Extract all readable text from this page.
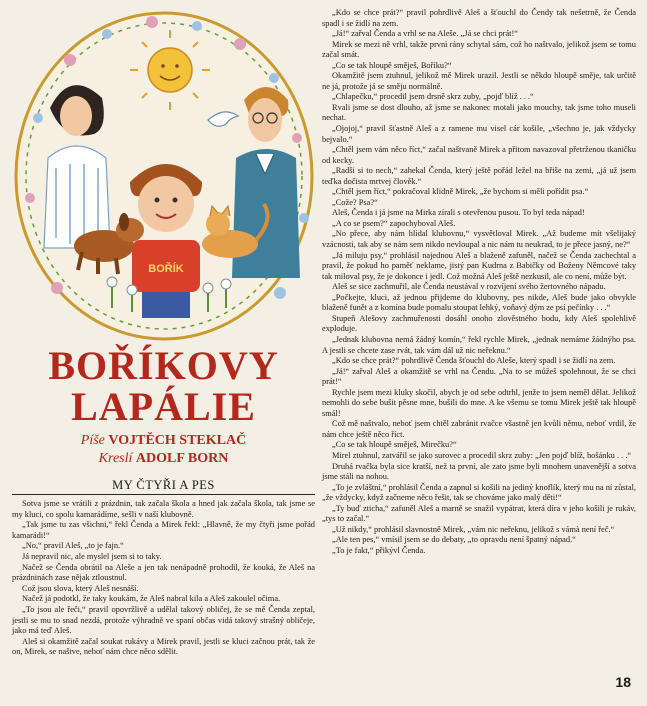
BOŘÍK
BOŘÍKOVY
LAPÁLIE
Píše VOJTĚCH STEKLAČ
Kreslí ADOLF BORN
MY ČTYŘI A PES

Sotva jsme se vrátili z prázdnin, tak začala škola a hned jak začala škola, tak jsme se my kluci, co spolu kamarádíme, sešli v naší klubovně.

„Tak jsme tu zas všichni,“ řekl Čenda a Mirek řekl: „Hlavně, že my čtyři jsme pořád kamarádi!“

„No,“ pravil Aleš, „to je fajn.“

Já nepravil nic, ale myslel jsem si to taky.

Načež se Čenda obrátil na Aleše a jen tak nenápadně prohodil, že kouká, že Aleš na prázdninách zase nějak ztloustnul.

Což jsou slova, který Aleš nesnáší.

Načež já podotkl, že taky koukám, že Aleš nabral kila a Aleš zakoulel očima.

„To jsou ale řeči,“ pravil opovržlivě a udělal takový obličej, že se mě Čenda zeptal, jestli se mu to snad nezdá, protože výhradně ve spaní občas vidá takový strašný obličeje, jako má teď Aleš.

Aleš si okamžitě začal soukat rukávy a Mirek pravil, jestli se kluci začnou prát, tak že on, Mirek, se naštve, neboť nám chce něco sdělit.

„Kdo se chce prát?“ pravil pohrdlivě Aleš a šťouchl do Čendy tak nešetrně, že Čenda spadl i se židlí na zem.

„Já!“ zařval Čenda a vrhl se na Aleše. „Já se chci prát!“

Mirek se mezi ně vrhl, takže prvnì rány schytal sám, což ho naštvalo, jelikož jsem se tomu začal smát.

„Co se tak hloupě směješ, Boříku?“

Okamžitě jsem ztuhnul, jelikož mě Mirek urazil. Jestli se někdo hloupě směje, tak určitě ne já, protože já se směju normálně.

„Chlapečku,“ procedil jsem drsně skrz zuby, „pojď blíž . . .“

Rvali jsme se dost dlouho, až jsme se nakonec motali jako mouchy, tak jsme toho museli nechat.

„Ojojoj,“ pravil šťastně Aleš a z ramene mu visel cár košile, „všechno je, jak vždycky bejvalo.“

„Chtěl jsem vám něco říct,“ začal naštvaně Mirek a přitom navazoval přetrženou tkaničku od kecky.

„Radši si to nech,“ zahekal Čenda, který ještě pořád ležel na břiše na zemi, „já už jsem teďka dočista mrtvej člověk.“

„Chtěl jsem říct,“ pokračoval klidně Mirek, „že bychom si měli pořídit psa.“

„Cože? Psa?“

Aleš, Čenda i já jsme na Mirka zírali s otevřenou pusou. To byl teda nápad!

„A co se psem?“ zapochyboval Aleš.

„No přece, aby nám hlídal klubovnu,“ vysvětloval Mirek. „Až budeme mít všelijaký vzácnosti, tak aby se nám sem nikdo nevloupal a nic nám tu neukrad, to je přece jasný, ne?“

„Já miluju psy,“ prohlásil najednou Aleš a blaženě zafuněl, načež se Čenda zachechtal a pravil, že pokud ho paměť neklame, jistý pan Kudrna z Babičky od Boženy Němcové taky tak miloval psy, že je dokonce i jedl. Což možná Aleš ještě nezkusil, ale co není, může být.

Aleš se sice zachmuřil, ale Čenda neustával v rozvíjení svého žertovného nápadu.

„Počkejte, kluci, až jednou přijdeme do klubovny, pes nikde, Aleš bude jako obvykle blaženě funět a z komína bude pomalu stoupat lehký, voňavý dým ze psí pečínky . . .“

Stupeň Alešovy zachmuřenosti dosáhl onoho zlověstného bodu, kdy Aleš spolehlivě exploduje.

„Jednak klubovna nemá žádný komín,“ řekl rychle Mirek, „jednak nemáme žádnýho psa. A jestli se chcete zase rvát, tak vám dál už nic neřeknu.“

„Kdo se chce prát?“ pohrdlivě Čenda šťouchl do Aleše, který spadl i se židlí na zem.

„Já!“ zařval Aleš a okamžitě se vrhl na Čendu. „Na to se můžeš spolehnout, že se chci prát!“

Rychle jsem mezi kluky skočil, abych je od sebe odtrhl, jenže to jsem neměl dělat. Jelikož nemohli do sebe bušit pěsne mne, bušili do mne. A ke všemu se tomu Mirek ještě tak hloupě smál!

Což mě naštvalo, neboť jsem chtěl zabránit rvačce všastně jen kvůli němu, neboť vrdil, že nám chce ještě něco říct.

„Co se tak hloupě směješ, Mirečku?“

Mirel ztuhnul, zatvářil se jako surovec a procedil skrz zuby: „Jen pojď blíž, hošánku . . .“

Druhá rvačka byla sice kratší, než ta první, ale zato jsme byli mnohem unavenější a sotva jsme stáli na nohou.

„To je zvláštní,“ prohlásil Čenda a zapnul si košili na jediný knoflík, který mu na ní zůstal, „že vždycky, když začneme něco řešit, tak se chováme jako malý děti!“

„Ty buď zticha,“ zafuněl Aleš a marně se snažil vypátrat, která díra v jeho košili je rukáv, „tys to začal.“

„Už nikdy,“ prohlásil slavnostně Mirek, „vám nic neřeknu, jelikož s vámà není řeč.“

„Ale ten pes,“ vmísil jsem se do debaty, „to opravdu není špatný nápad.“

„To je fakt,“ přikývl Čenda.

18
